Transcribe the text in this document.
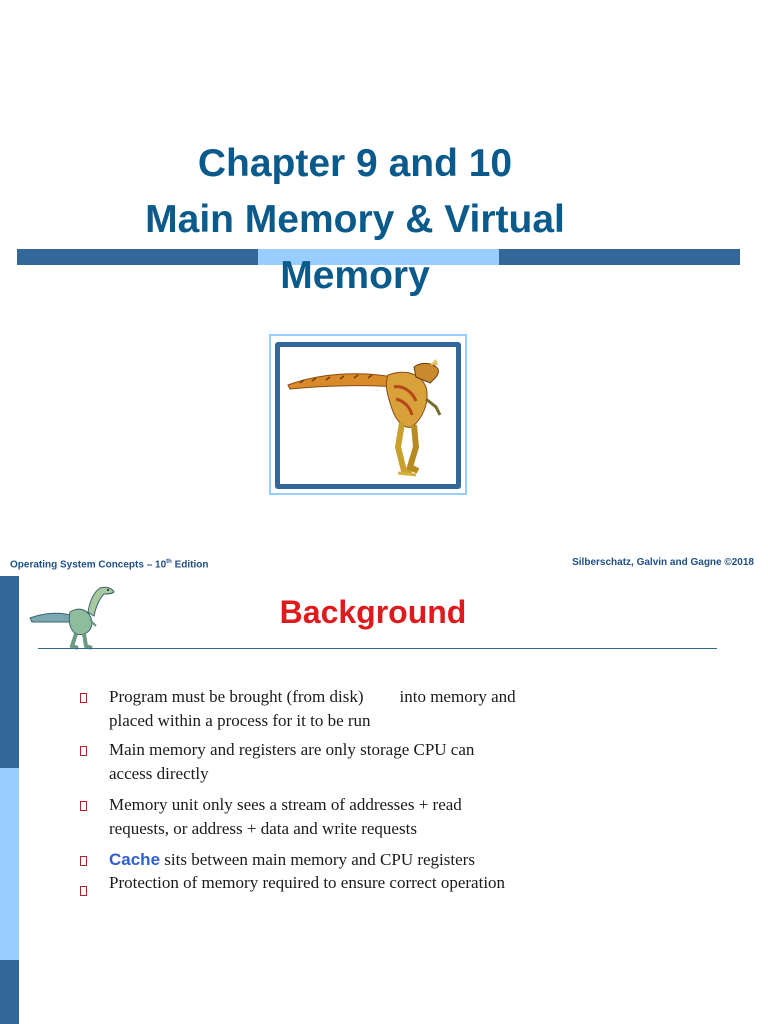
Chapter 9 and 10
Main Memory & Virtual
Memory
Operating System Concepts – 10th Edition	Silberschatz, Galvin and Gagne ©2018
Background
Program must be brought (from disk) into memory and
placed within a process for it to be run
Main memory and registers are only storage CPU can
access directly
Memory unit only sees a stream of addresses + read
requests, or address + data and write requests
Cache sits between main memory and CPU registers
Protection of memory required to ensure correct operation
